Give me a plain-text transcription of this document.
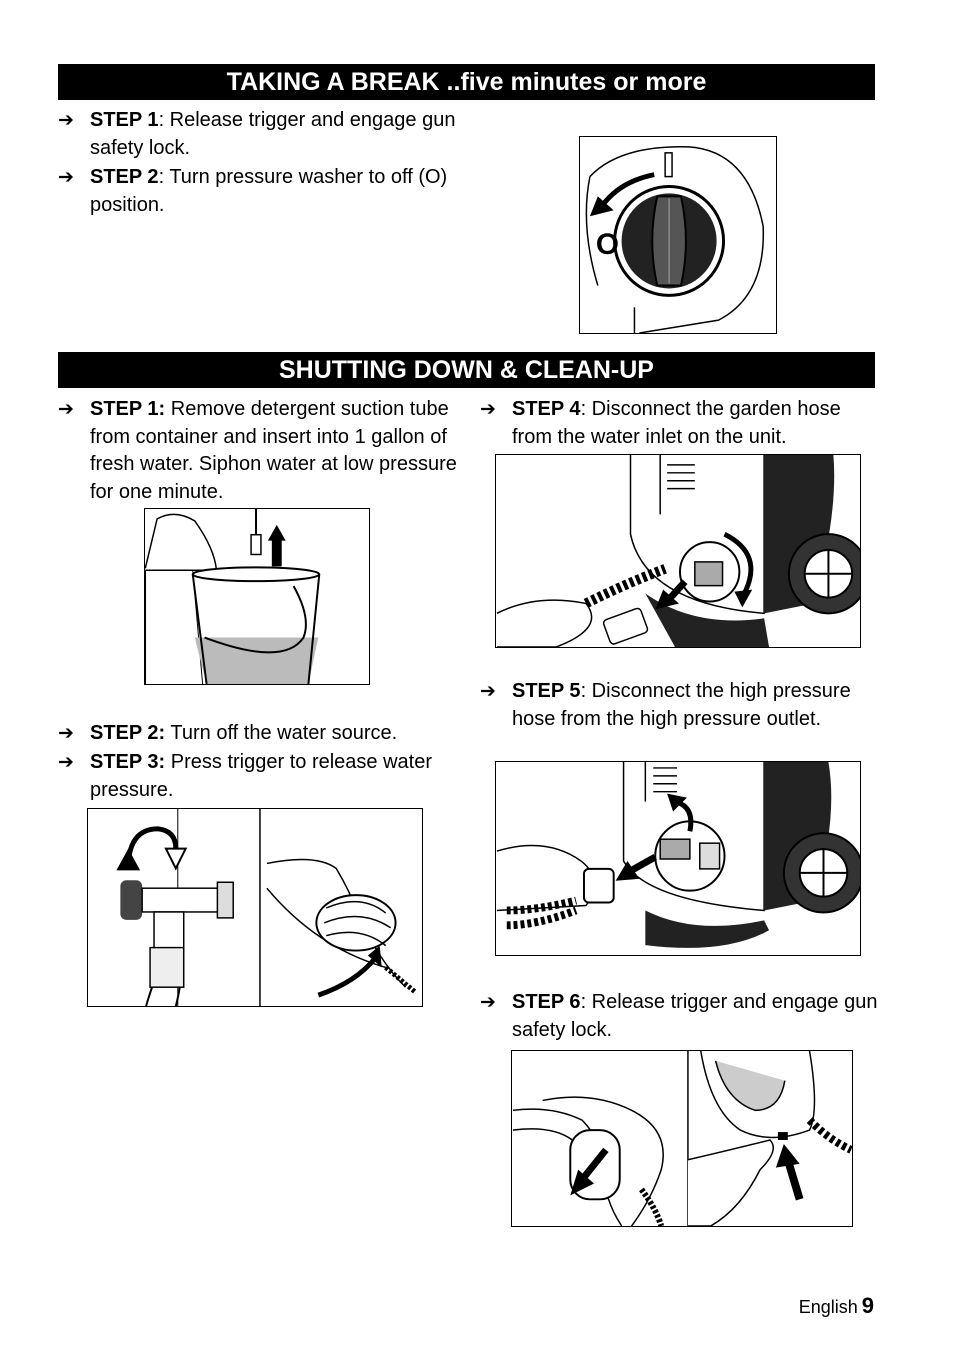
TAKING A BREAK ..five minutes or more
➔ STEP 1: Release trigger and engage gun safety lock.
➔ STEP 2: Turn pressure washer to off (O) position.
O
SHUTTING DOWN & CLEAN-UP
➔ STEP 1: Remove detergent suction tube from container and insert into 1 gallon of fresh water. Siphon water at low pressure for one minute.
➔ STEP 2: Turn off the water source.
➔ STEP 3: Press trigger to release water pressure.
➔ STEP 4: Disconnect the garden hose from the water inlet on the unit.
➔ STEP 5: Disconnect the high pressure hose from the high pressure outlet.
➔ STEP 6: Release trigger and engage gun safety lock.
English 9
